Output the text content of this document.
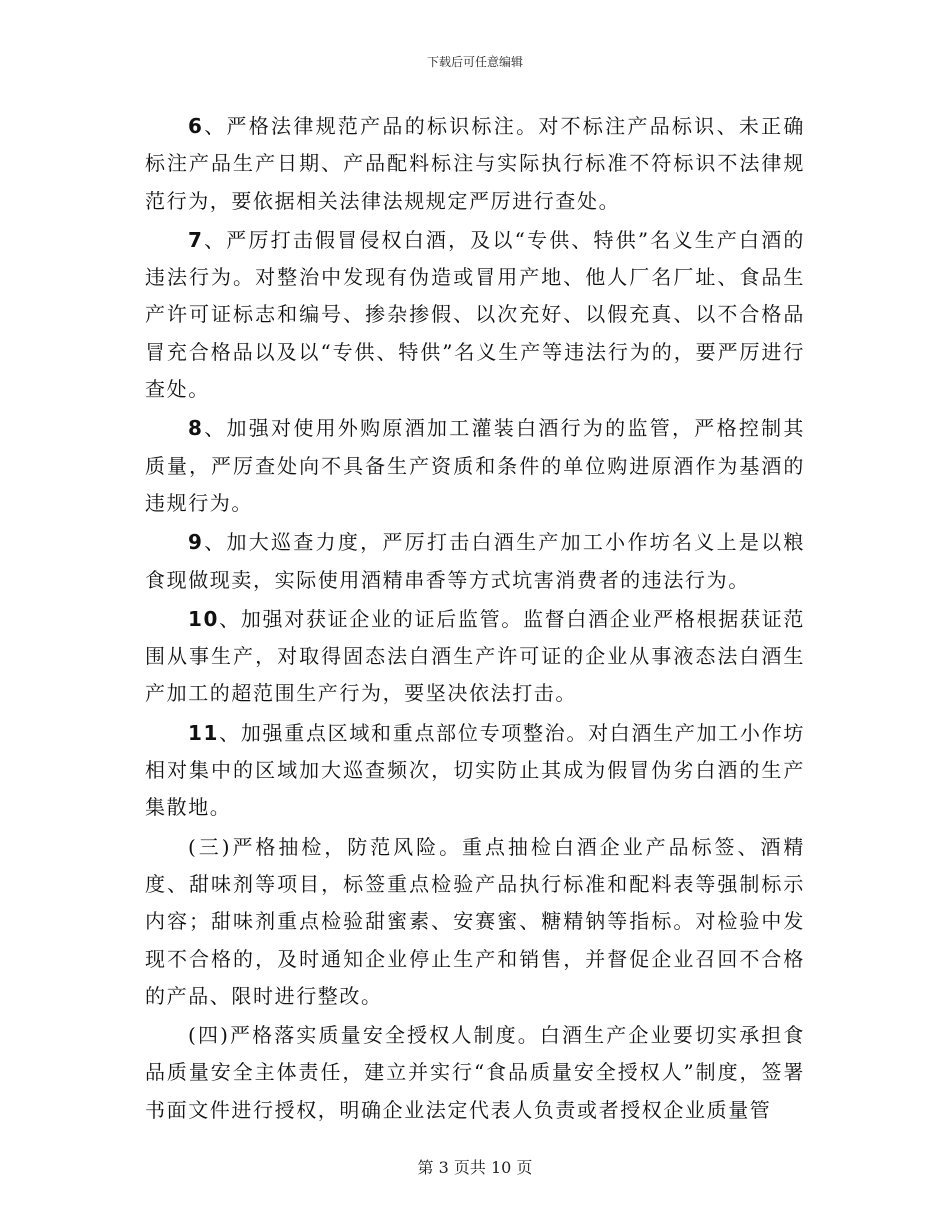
下载后可任意编辑

6、严格法律规范产品的标识标注。对不标注产品标识、未正确标注产品生产日期、产品配料标注与实际执行标准不符标识不法律规范行为，要依据相关法律法规规定严厉进行查处。

7、严厉打击假冒侵权白酒，及以“专供、特供”名义生产白酒的违法行为。对整治中发现有伪造或冒用产地、他人厂名厂址、食品生产许可证标志和编号、掺杂掺假、以次充好、以假充真、以不合格品冒充合格品以及以“专供、特供”名义生产等违法行为的，要严厉进行查处。

8、加强对使用外购原酒加工灌装白酒行为的监管，严格控制其质量，严厉查处向不具备生产资质和条件的单位购进原酒作为基酒的违规行为。

9、加大巡查力度，严厉打击白酒生产加工小作坊名义上是以粮食现做现卖，实际使用酒精串香等方式坑害消费者的违法行为。

10、加强对获证企业的证后监管。监督白酒企业严格根据获证范围从事生产，对取得固态法白酒生产许可证的企业从事液态法白酒生产加工的超范围生产行为，要坚决依法打击。

11、加强重点区域和重点部位专项整治。对白酒生产加工小作坊相对集中的区域加大巡查频次，切实防止其成为假冒伪劣白酒的生产集散地。

(三)严格抽检，防范风险。重点抽检白酒企业产品标签、酒精度、甜味剂等项目，标签重点检验产品执行标准和配料表等强制标示内容；甜味剂重点检验甜蜜素、安赛蜜、糖精钠等指标。对检验中发现不合格的，及时通知企业停止生产和销售，并督促企业召回不合格的产品、限时进行整改。

(四)严格落实质量安全授权人制度。白酒生产企业要切实承担食品质量安全主体责任，建立并实行“食品质量安全授权人”制度，签署书面文件进行授权，明确企业法定代表人负责或者授权企业质量管

第 3 页共 10 页
